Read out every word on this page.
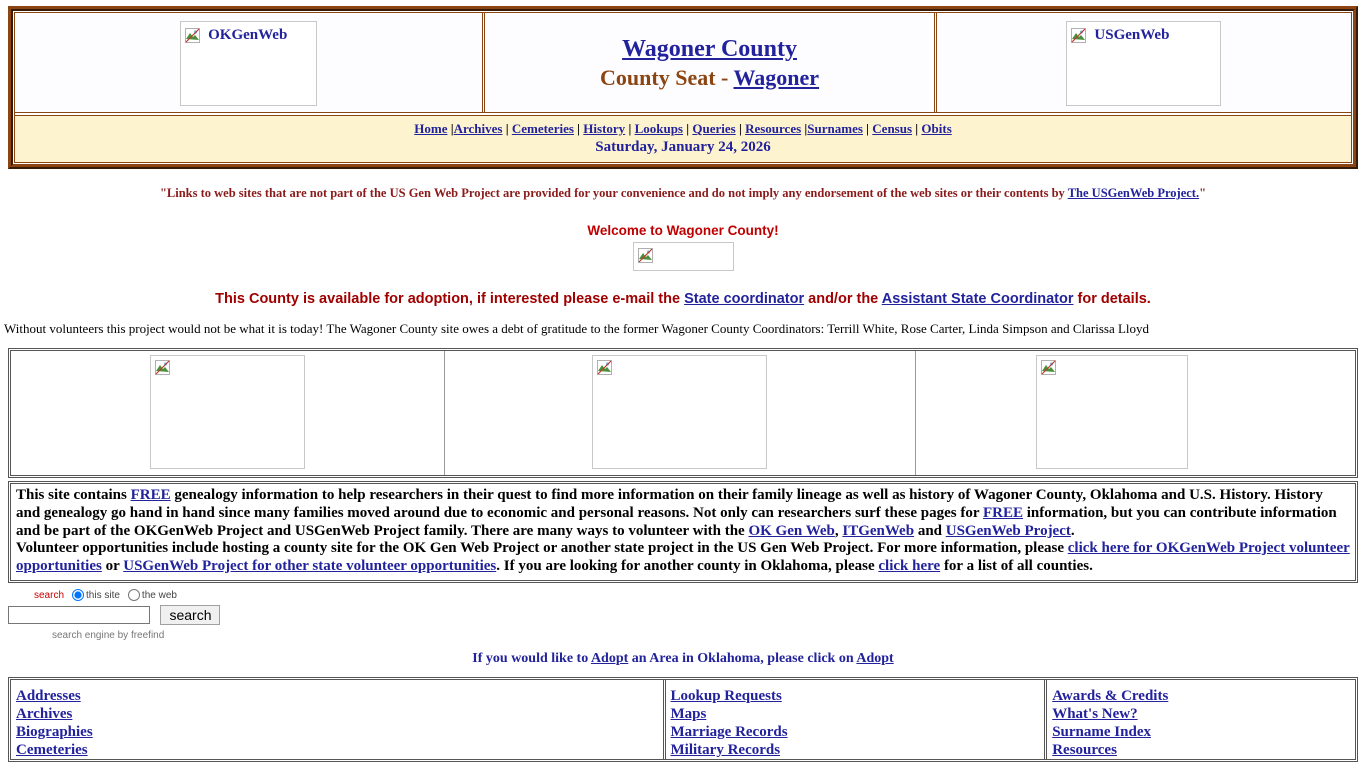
OKGenWeb
Wagoner County
County Seat - Wagoner
USGenWeb
Home |Archives | Cemeteries | History | Lookups | Queries | Resources |Surnames | Census | Obits
Saturday, January 24, 2026
"Links to web sites that are not part of the US Gen Web Project are provided for your convenience and do not imply any endorsement of the web sites or their contents by The USGenWeb Project."
Welcome to Wagoner County!
This County is available for adoption, if interested please e-mail the State coordinator and/or the Assistant State Coordinator for details.
Without volunteers this project would not be what it is today! The Wagoner County site owes a debt of gratitude to the former Wagoner County Coordinators: Terrill White, Rose Carter, Linda Simpson and Clarissa Lloyd

This site contains FREE genealogy information to help researchers in their quest to find more information on their family lineage as well as history of Wagoner County, Oklahoma and U.S. History. History and genealogy go hand in hand since many families moved around due to economic and personal reasons. Not only can researchers surf these pages for FREE information, but you can contribute information and be part of the OKGenWeb Project and USGenWeb Project family. There are many ways to volunteer with the OK Gen Web, ITGenWeb and USGenWeb Project.

Volunteer opportunities include hosting a county site for the OK Gen Web Project or another state project in the US Gen Web Project. For more information, please click here for OKGenWeb Project volunteer opportunities or USGenWeb Project for other state volunteer opportunities. If you are looking for another county in Oklahoma, please click here for a list of all counties.

search this site the web
search
search engine by freefind
If you would like to Adopt an Area in Oklahoma, please click on Adopt
Addresses
Archives
Biographies
Cemeteries
Lookup Requests
Maps
Marriage Records
Military Records
Awards & Credits
What's New?
Surname Index
Resources
